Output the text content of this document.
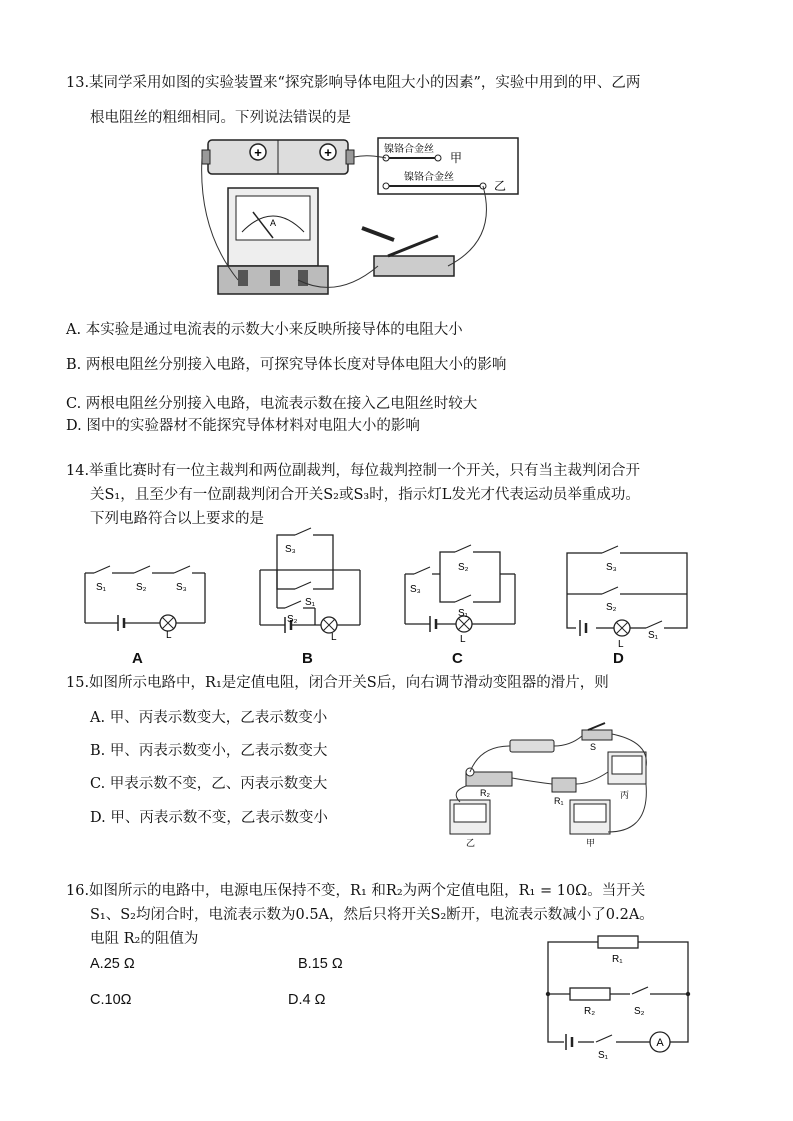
13.某同学采用如图的实验装置来“探究影响导体电阻大小的因素”，实验中用到的甲、乙两
根电阻丝的粗细相同。下列说法错误的是
+	+	镍铬合金丝
甲
镍铬合金丝
乙
A
A. 本实验是通过电流表的示数大小来反映所接导体的电阻大小
B. 两根电阻丝分别接入电路，可探究导体长度对导体电阻大小的影响
C. 两根电阻丝分别接入电路，电流表示数在接入乙电阻丝时较大
D. 图中的实验器材不能探究导体材料对电阻大小的影响
14.举重比赛时有一位主裁判和两位副裁判，每位裁判控制一个开关，只有当主裁判闭合开
关S₁，且至少有一位副裁判闭合开关S₂或S₃时，指示灯L发光才代表运动员举重成功。
下列电路符合以上要求的是
S₁	S₂	S₃
L
A
S₃
S₁
S₂
L
B
S₃
S₂
S₁
L
C
S₃
S₂
S₁
L
D
15.如图所示电路中，R₁是定值电阻，闭合开关S后，向右调节滑动变阻器的滑片，则
A. 甲、丙表示数变大，乙表示数变小
B. 甲、丙表示数变小，乙表示数变大
C. 甲表示数不变，乙、丙表示数变大
D. 甲、丙表示数不变，乙表示数变小
S
丙
R₂
R₁
乙	甲
16.如图所示的电路中，电源电压保持不变，R₁ 和R₂为两个定值电阻，R₁ = 10Ω。当开关
S₁、S₂均闭合时，电流表示数为0.5A，然后只将开关S₂断开，电流表示数减小了0.2A。
电阻 R₂的阻值为
A.25 Ω	B.15 Ω
C.10Ω	D.4 Ω
R₁
R₂	S₂
S₁
A
